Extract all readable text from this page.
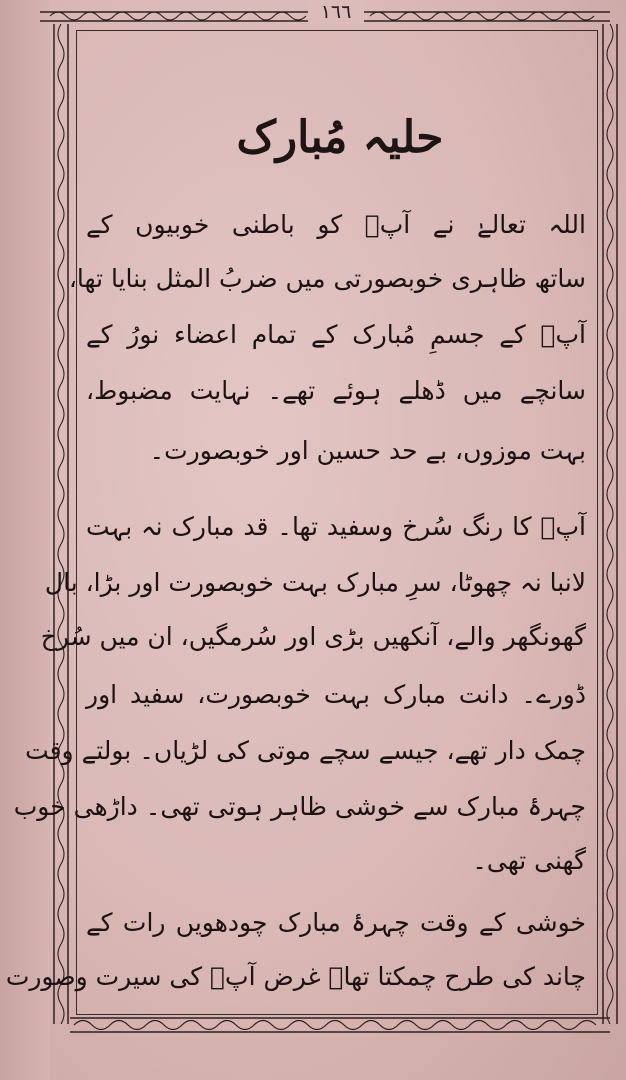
١٦٦
حلیہ مُبارک
اللہ تعالےٰ نے آپؐ کو باطنی خوبیوں کے
ساتھ ظاہری خوبصورتی میں ضربُ المثل بنایا تھا،
آپؐ کے جسمِ مُبارک کے تمام اعضاء نورُ کے
سانچے میں ڈھلے ہوئے تھے۔ نہایت مضبوط،
بہت موزوں، بے حد حسین اور خوبصورت۔
آپؐ کا رنگ سُرخ وسفید تھا۔ قد مبارک نہ بہت
لانبا نہ چھوٹا، سرِ مبارک بہت خوبصورت اور بڑا، بال
گھونگھر والے، آنکھیں بڑی اور سُرمگیں، ان میں سُرخ
ڈورے۔ دانت مبارک بہت خوبصورت، سفید اور
چمک دار تھے، جیسے سچے موتی کی لڑیاں۔ بولتے وقت
چہرۂ مبارک سے خوشی ظاہر ہوتی تھی۔ داڑھی خوب
گھنی تھی۔
خوشی کے وقت چہرۂ مبارک چودھویں رات کے
چاند کی طرح چمکتا تھا۔ غرض آپؐ کی سیرت وصورت
